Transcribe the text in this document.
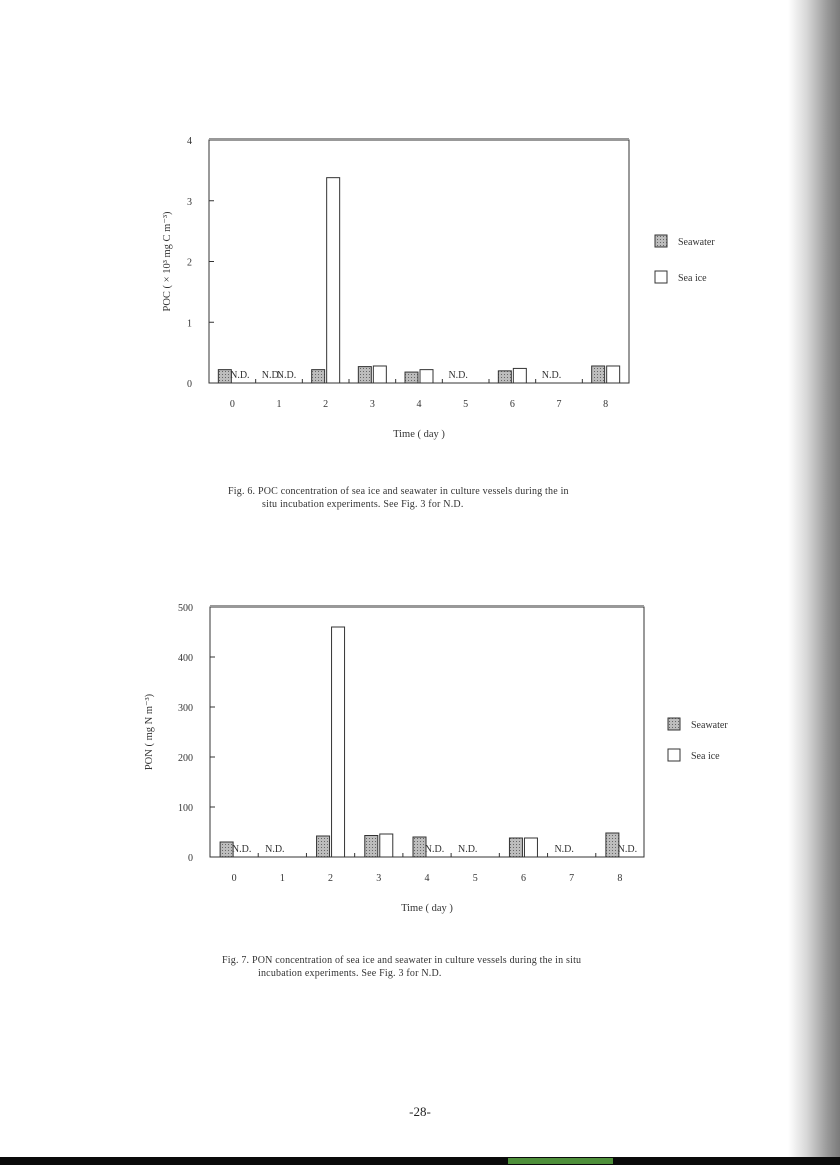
0
1
2
3
4
POC ( × 10³ mg C m⁻³)
0	1	2	3	4	5	6	7	8
N.D. N.D.
N.D.	N.D.	N.D.
Time ( day )
Seawater
Sea ice
Fig. 6. POC concentration of sea ice and seawater in culture vessels during the in
situ incubation experiments. See Fig. 3 for N.D.
0
100
200
300
400
500
PON ( mg N m⁻³)
0	1	2	3	4	5	6	7	8
N.D. N.D.	N.D. N.D.	N.D.	N.D.
Time ( day )
Seawater
Sea ice
Fig. 7. PON concentration of sea ice and seawater in culture vessels during the in situ
incubation experiments. See Fig. 3 for N.D.
-28-
